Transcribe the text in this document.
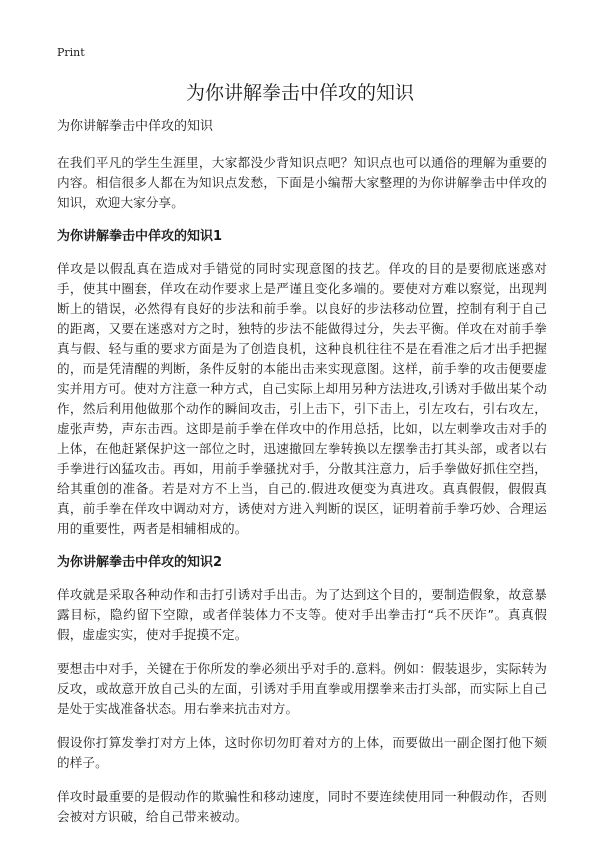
Print
为你讲解拳击中佯攻的知识
为你讲解拳击中佯攻的知识

在我们平凡的学生生涯里，大家都没少背知识点吧？知识点也可以通俗的理解为重要的内容。相信很多人都在为知识点发愁，下面是小编帮大家整理的为你讲解拳击中佯攻的知识，欢迎大家分享。

为你讲解拳击中佯攻的知识1

佯攻是以假乱真在造成对手错觉的同时实现意图的技艺。佯攻的目的是要彻底迷惑对手，使其中圈套，佯攻在动作要求上是严谨且变化多端的。要使对方难以察觉，出现判断上的错误，必然得有良好的步法和前手拳。以良好的步法移动位置，控制有利于自己的距离，又要在迷惑对方之时，独特的步法不能做得过分，失去平衡。佯攻在对前手拳真与假、轻与重的要求方面是为了创造良机，这种良机往往不是在看准之后才出手把握的，而是凭清醒的判断，条件反射的本能出击来实现意图。这样，前手拳的攻击便要虚实并用方可。使对方注意一种方式，自己实际上却用另种方法进攻,引诱对手做出某个动作，然后利用他做那个动作的瞬间攻击，引上击下，引下击上，引左攻右，引右攻左，虚张声势，声东击西。这即是前手拳在佯攻中的作用总括，比如，以左刺拳攻击对手的上体，在他赶紧保护这一部位之时，迅速撤回左拳转换以左摆拳击打其头部，或者以右手拳进行凶猛攻击。再如，用前手拳骚扰对手，分散其注意力，后手拳做好抓住空挡，给其重创的准备。若是对方不上当，自己的.假进攻便变为真进攻。真真假假，假假真真，前手拳在佯攻中调动对方，诱使对方进入判断的误区，证明着前手拳巧妙、合理运用的重要性，两者是相辅相成的。

为你讲解拳击中佯攻的知识2

佯攻就是采取各种动作和击打引诱对手出击。为了达到这个目的，要制造假象，故意暴露目标，隐约留下空隙，或者佯装体力不支等。使对手出拳击打“兵不厌诈”。真真假假，虚虚实实，使对手捉摸不定。

要想击中对手，关键在于你所发的拳必须出乎对手的.意料。例如：假装退步，实际转为反攻，或故意开放自己头的左面，引诱对手用直拳或用摆拳来击打头部，而实际上自己是处于实战准备状态。用右拳来抗击对方。

假设你打算发拳打对方上体，这时你切勿盯着对方的上体，而要做出一副企图打他下颏的样子。

佯攻时最重要的是假动作的欺骗性和移动速度，同时不要连续使用同一种假动作，否则会被对方识破，给自己带来被动。
